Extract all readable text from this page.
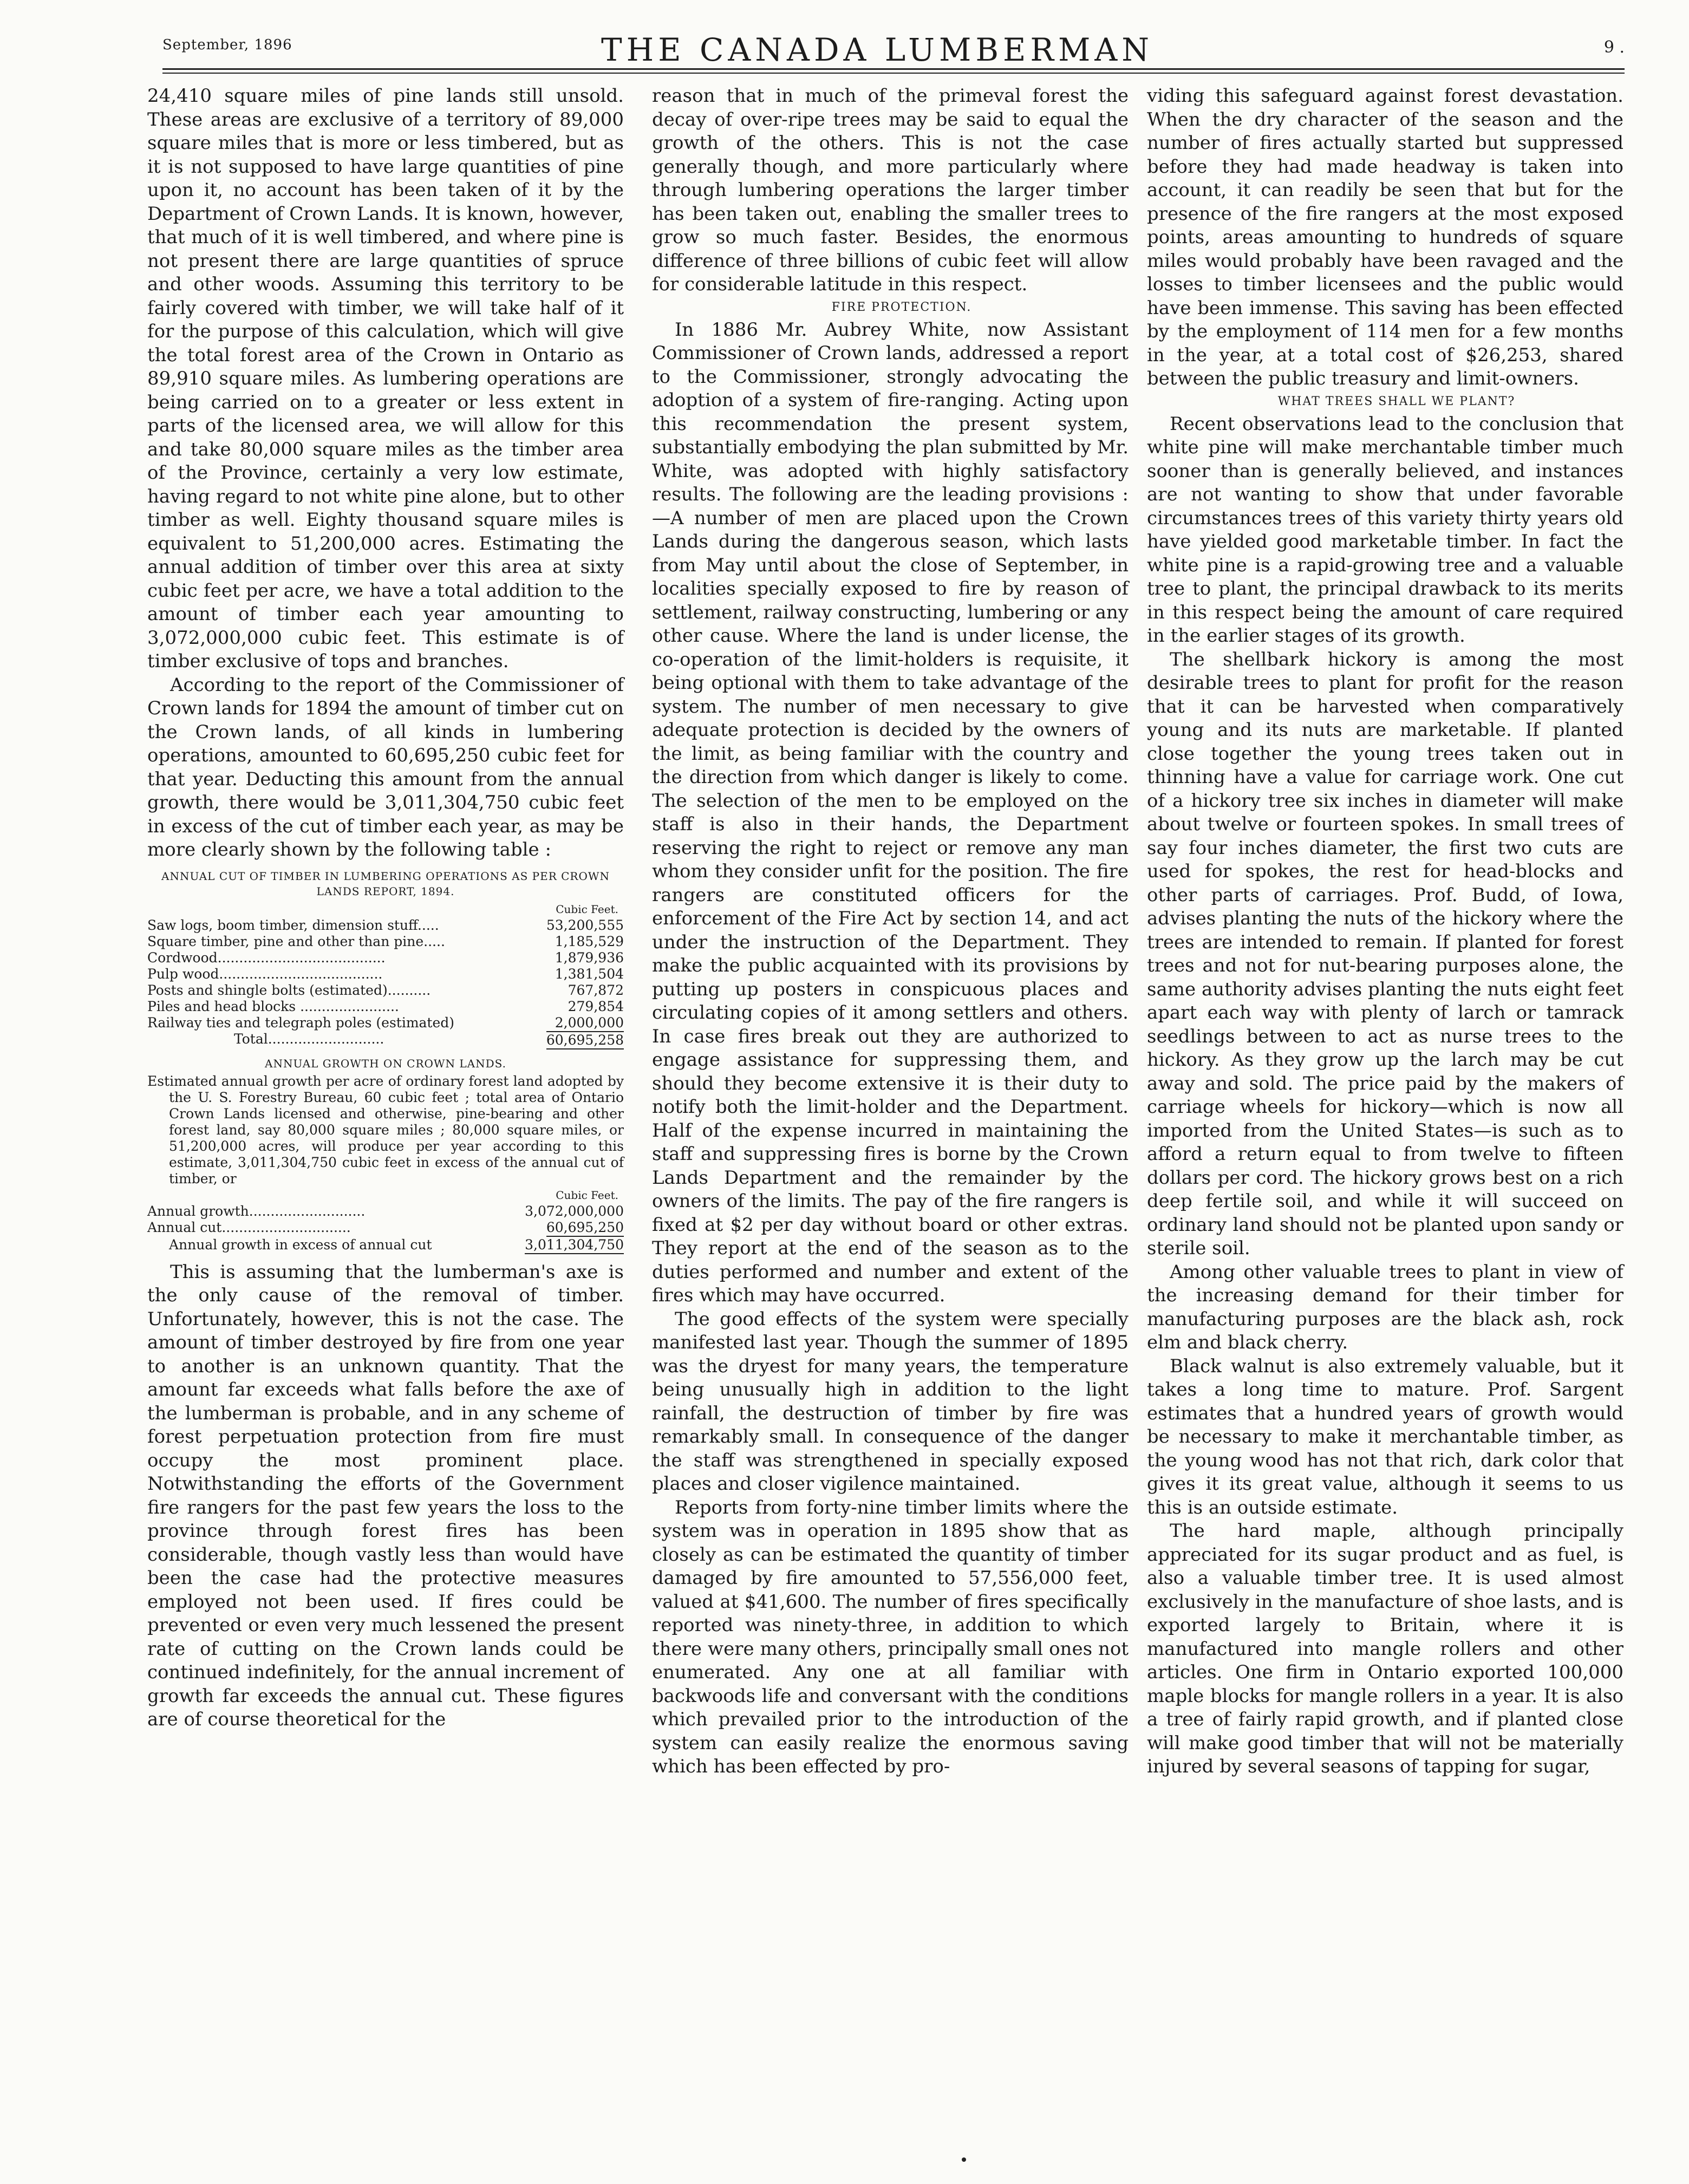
September, 1896	THE CANADA LUMBERMAN	9 .

24,410 square miles of pine lands still unsold. These areas are exclusive of a territory of 89,000 square miles that is more or less timbered, but as it is not supposed to have large quantities of pine upon it, no account has been taken of it by the Department of Crown Lands. It is known, however, that much of it is well timbered, and where pine is not present there are large quantities of spruce and other woods. Assuming this territory to be fairly covered with timber, we will take half of it for the purpose of this calculation, which will give the total forest area of the Crown in Ontario as 89,910 square miles. As lumbering operations are being carried on to a greater or less extent in parts of the licensed area, we will allow for this and take 80,000 square miles as the timber area of the Province, certainly a very low estimate, having regard to not white pine alone, but to other timber as well. Eighty thousand square miles is equivalent to 51,200,000 acres. Estimating the annual addition of timber over this area at sixty cubic feet per acre, we have a total addition to the amount of timber each year amounting to 3,072,000,000 cubic feet. This estimate is of timber exclusive of tops and branches.

According to the report of the Commissioner of Crown lands for 1894 the amount of timber cut on the Crown lands, of all kinds in lumbering operations, amounted to 60,695,250 cubic feet for that year. Deducting this amount from the annual growth, there would be 3,011,304,750 cubic feet in excess of the cut of timber each year, as may be more clearly shown by the following table :

ANNUAL CUT OF TIMBER IN LUMBERING OPERATIONS AS PER CROWN LANDS REPORT, 1894.
Cubic Feet.
Saw logs, boom timber, dimension stuff.....	53,200,555
Square timber, pine and other than pine.....	1,185,529
Cordwood.......................................	1,879,936
Pulp wood......................................	1,381,504
Posts and shingle bolts (estimated)..........	767,872
Piles and head blocks .......................	279,854
Railway ties and telegraph poles (estimated)	2,000,000
Total...........................	60,695,258
ANNUAL GROWTH ON CROWN LANDS.
Estimated annual growth per acre of ordinary forest land adopted by the U. S. Forestry Bureau, 60 cubic feet ; total area of Ontario Crown Lands licensed and otherwise, pine-bearing and other forest land, say 80,000 square miles ; 80,000 square miles, or 51,200,000 acres, will produce per year according to this estimate, 3,011,304,750 cubic feet in excess of the annual cut of timber, or
Cubic Feet.
Annual growth...........................	3,072,000,000
Annual cut..............................	60,695,250
Annual growth in excess of annual cut	3,011,304,750

This is assuming that the lumberman's axe is the only cause of the removal of timber. Unfortunately, however, this is not the case. The amount of timber destroyed by fire from one year to another is an unknown quantity. That the amount far exceeds what falls before the axe of the lumberman is probable, and in any scheme of forest perpetuation protection from fire must occupy the most prominent place. Notwithstanding the efforts of the Government fire rangers for the past few years the loss to the province through forest fires has been considerable, though vastly less than would have been the case had the protective measures employed not been used. If fires could be prevented or even very much lessened the present rate of cutting on the Crown lands could be continued indefinitely, for the annual increment of growth far exceeds the annual cut. These figures are of course theoretical for the

reason that in much of the primeval forest the decay of over-ripe trees may be said to equal the growth of the others. This is not the case generally though, and more particularly where through lumbering operations the larger timber has been taken out, enabling the smaller trees to grow so much faster. Besides, the enormous difference of three billions of cubic feet will allow for considerable latitude in this respect.

FIRE PROTECTION.

In 1886 Mr. Aubrey White, now Assistant Commissioner of Crown lands, addressed a report to the Commissioner, strongly advocating the adoption of a system of fire-ranging. Acting upon this recommendation the present system, substantially embodying the plan submitted by Mr. White, was adopted with highly satisfactory results. The following are the leading provisions :—A number of men are placed upon the Crown Lands during the dangerous season, which lasts from May until about the close of September, in localities specially exposed to fire by reason of settlement, railway constructing, lumbering or any other cause. Where the land is under license, the co-operation of the limit-holders is requisite, it being optional with them to take advantage of the system. The number of men necessary to give adequate protection is decided by the owners of the limit, as being familiar with the country and the direction from which danger is likely to come. The selection of the men to be employed on the staff is also in their hands, the Department reserving the right to reject or remove any man whom they consider unfit for the position. The fire rangers are constituted officers for the enforcement of the Fire Act by section 14, and act under the instruction of the Department. They make the public acquainted with its provisions by putting up posters in conspicuous places and circulating copies of it among settlers and others. In case fires break out they are authorized to engage assistance for suppressing them, and should they become extensive it is their duty to notify both the limit-holder and the Department. Half of the expense incurred in maintaining the staff and suppressing fires is borne by the Crown Lands Department and the remainder by the owners of the limits. The pay of the fire rangers is fixed at $2 per day without board or other extras. They report at the end of the season as to the duties performed and number and extent of the fires which may have occurred.

The good effects of the system were specially manifested last year. Though the summer of 1895 was the dryest for many years, the temperature being unusually high in addition to the light rainfall, the destruction of timber by fire was remarkably small. In consequence of the danger the staff was strengthened in specially exposed places and closer vigilence maintained.

Reports from forty-nine timber limits where the system was in operation in 1895 show that as closely as can be estimated the quantity of timber damaged by fire amounted to 57,556,000 feet, valued at $41,600. The number of fires specifically reported was ninety-three, in addition to which there were many others, principally small ones not enumerated. Any one at all familiar with backwoods life and conversant with the conditions which prevailed prior to the introduction of the system can easily realize the enormous saving which has been effected by pro-

viding this safeguard against forest devastation. When the dry character of the season and the number of fires actually started but suppressed before they had made headway is taken into account, it can readily be seen that but for the presence of the fire rangers at the most exposed points, areas amounting to hundreds of square miles would probably have been ravaged and the losses to timber licensees and the public would have been immense. This saving has been effected by the employment of 114 men for a few months in the year, at a total cost of $26,253, shared between the public treasury and limit-owners.

WHAT TREES SHALL WE PLANT?

Recent observations lead to the conclusion that white pine will make merchantable timber much sooner than is generally believed, and instances are not wanting to show that under favorable circumstances trees of this variety thirty years old have yielded good marketable timber. In fact the white pine is a rapid-growing tree and a valuable tree to plant, the principal drawback to its merits in this respect being the amount of care required in the earlier stages of its growth.

The shellbark hickory is among the most desirable trees to plant for profit for the reason that it can be harvested when comparatively young and its nuts are marketable. If planted close together the young trees taken out in thinning have a value for carriage work. One cut of a hickory tree six inches in diameter will make about twelve or fourteen spokes. In small trees of say four inches diameter, the first two cuts are used for spokes, the rest for head-blocks and other parts of carriages. Prof. Budd, of Iowa, advises planting the nuts of the hickory where the trees are intended to remain. If planted for forest trees and not for nut-bearing purposes alone, the same authority advises planting the nuts eight feet apart each way with plenty of larch or tamrack seedlings between to act as nurse trees to the hickory. As they grow up the larch may be cut away and sold. The price paid by the makers of carriage wheels for hickory—which is now all imported from the United States—is such as to afford a return equal to from twelve to fifteen dollars per cord. The hickory grows best on a rich deep fertile soil, and while it will succeed on ordinary land should not be planted upon sandy or sterile soil.

Among other valuable trees to plant in view of the increasing demand for their timber for manufacturing purposes are the black ash, rock elm and black cherry.

Black walnut is also extremely valuable, but it takes a long time to mature. Prof. Sargent estimates that a hundred years of growth would be necessary to make it merchantable timber, as the young wood has not that rich, dark color that gives it its great value, although it seems to us this is an outside estimate.

The hard maple, although principally appreciated for its sugar product and as fuel, is also a valuable timber tree. It is used almost exclusively in the manufacture of shoe lasts, and is exported largely to Britain, where it is manufactured into mangle rollers and other articles. One firm in Ontario exported 100,000 maple blocks for mangle rollers in a year. It is also a tree of fairly rapid growth, and if planted close will make good timber that will not be materially injured by several seasons of tapping for sugar,
